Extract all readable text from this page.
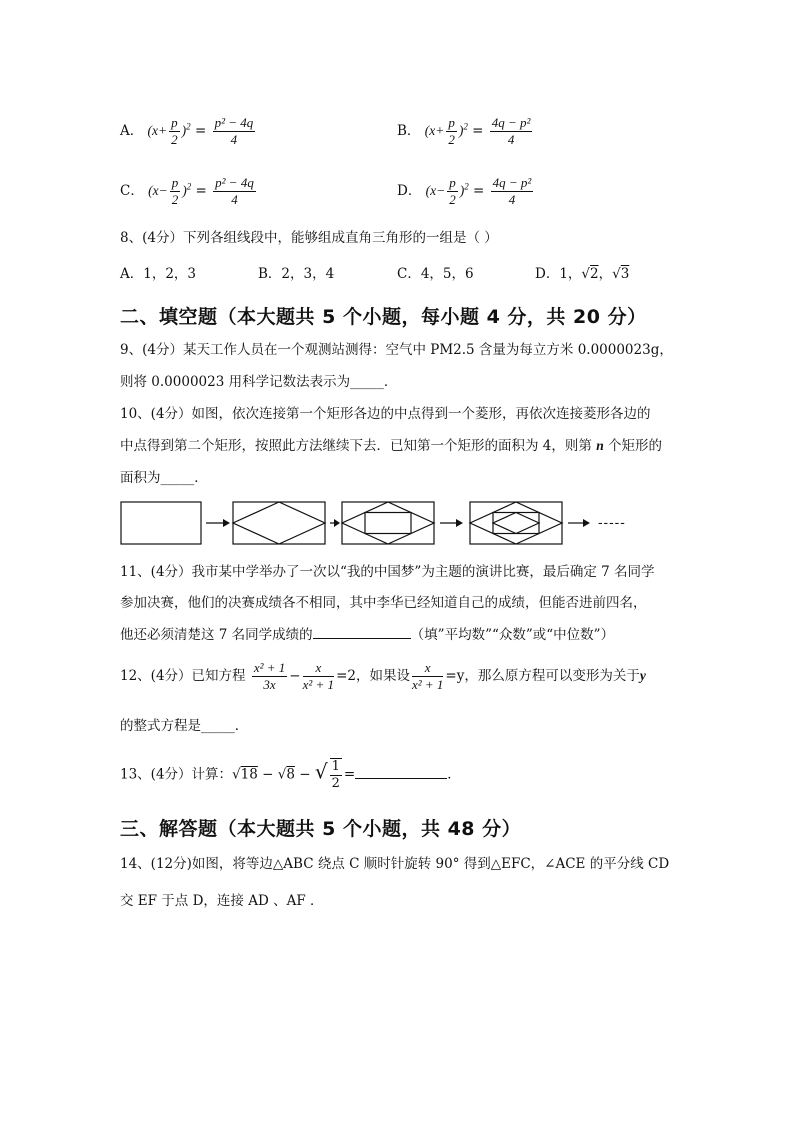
A． $(x+ \frac{p}{2} )^2 = \frac{\text{p² − 4q}}{4}$	B． $(x+ \frac{p}{2} )^2 = \frac{\text{4q − p²}}{4}$
C． $(x- \frac{p}{2} )^2 = \frac{\text{p² − 4q}}{4}$	D． $(x- \frac{p}{2} )^2 = \frac{\text{4q − p²}}{4}$
8、(4分）下列各组线段中，能够组成直角三角形的一组是（ ）
A．1，2，3	B．2，3，4	C．4，5，6	D．1，√2，√3
二、填空题（本大题共 5 个小题，每小题 4 分，共 20 分）
9、(4分）某天工作人员在一个观测站测得：空气中 PM2.5 含量为每立方米 0.0000023g，
则将 0.0000023 用科学记数法表示为_____．
10、(4分）如图，依次连接第一个矩形各边的中点得到一个菱形，再依次连接菱形各边的
中点得到第二个矩形，按照此方法继续下去．已知第一个矩形的面积为 4，则第 n 个矩形的
面积为_____．
-----
11、(4分）我市某中学举办了一次以“我的中国梦”为主题的演讲比赛，最后确定 7 名同学
参加决赛，他们的决赛成绩各不相同，其中李华已经知道自己的成绩，但能否进前四名，
他还必须清楚这 7 名同学成绩的	（填”平均数”“众数”或“中位数”）
12、(4分）已知方程 $\frac{\text{x² + 1}}{3x} - \frac{x}{\text{x² + 1}} =2$，如果设 $\frac{x}{\text{x² + 1}} =y$，那么原方程可以变形为关于y
的整式方程是_____．
13、(4分）计算：√18 − √8 − √ $\frac{1}{2}$ =	．
三、解答题（本大题共 5 个小题，共 48 分）
14、(12分)如图，将等边△ABC 绕点 C 顺时针旋转 90° 得到△EFC，∠ACE 的平分线 CD
交 EF 于点 D，连接 AD 、AF ．
